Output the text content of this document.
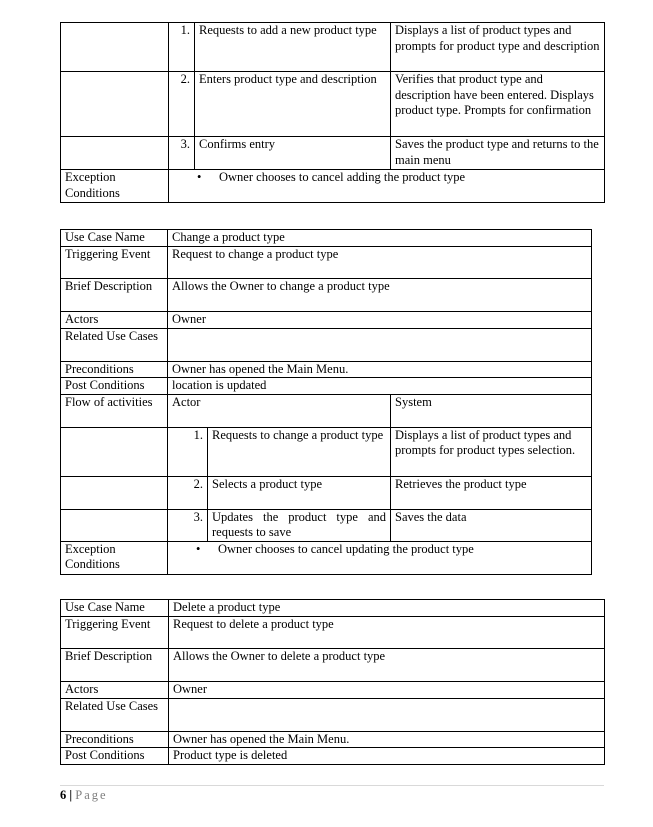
	1.	Requests to add a new product type	Displays a list of product types and prompts for product type and description
	2.	Enters product type and description	Verifies that product type and description have been entered. Displays product type. Prompts for confirmation
	3.	Confirms entry	Saves the product type and returns to the main menu
Exception Conditions	• Owner chooses to cancel adding the product type		
Use Case Name	Change a product type		
Triggering Event	Request to change a product type		
Brief Description	Allows the Owner to change a product type		
Actors	Owner		
Related Use Cases			
Preconditions	Owner has opened the Main Menu.		
Post Conditions	location is updated		
Flow of activities	Actor		System
	1.	Requests to change a product type	Displays a list of product types and prompts for product types selection.
	2.	Selects a product type	Retrieves the product type
	3.	Updates the product type and requests to save	Saves the data
Exception Conditions	• Owner chooses to cancel updating the product type		
Use Case Name	Delete a product type
Triggering Event	Request to delete a product type
Brief Description	Allows the Owner to delete a product type
Actors	Owner
Related Use Cases	
Preconditions	Owner has opened the Main Menu.
Post Conditions	Product type is deleted
6 | Page
